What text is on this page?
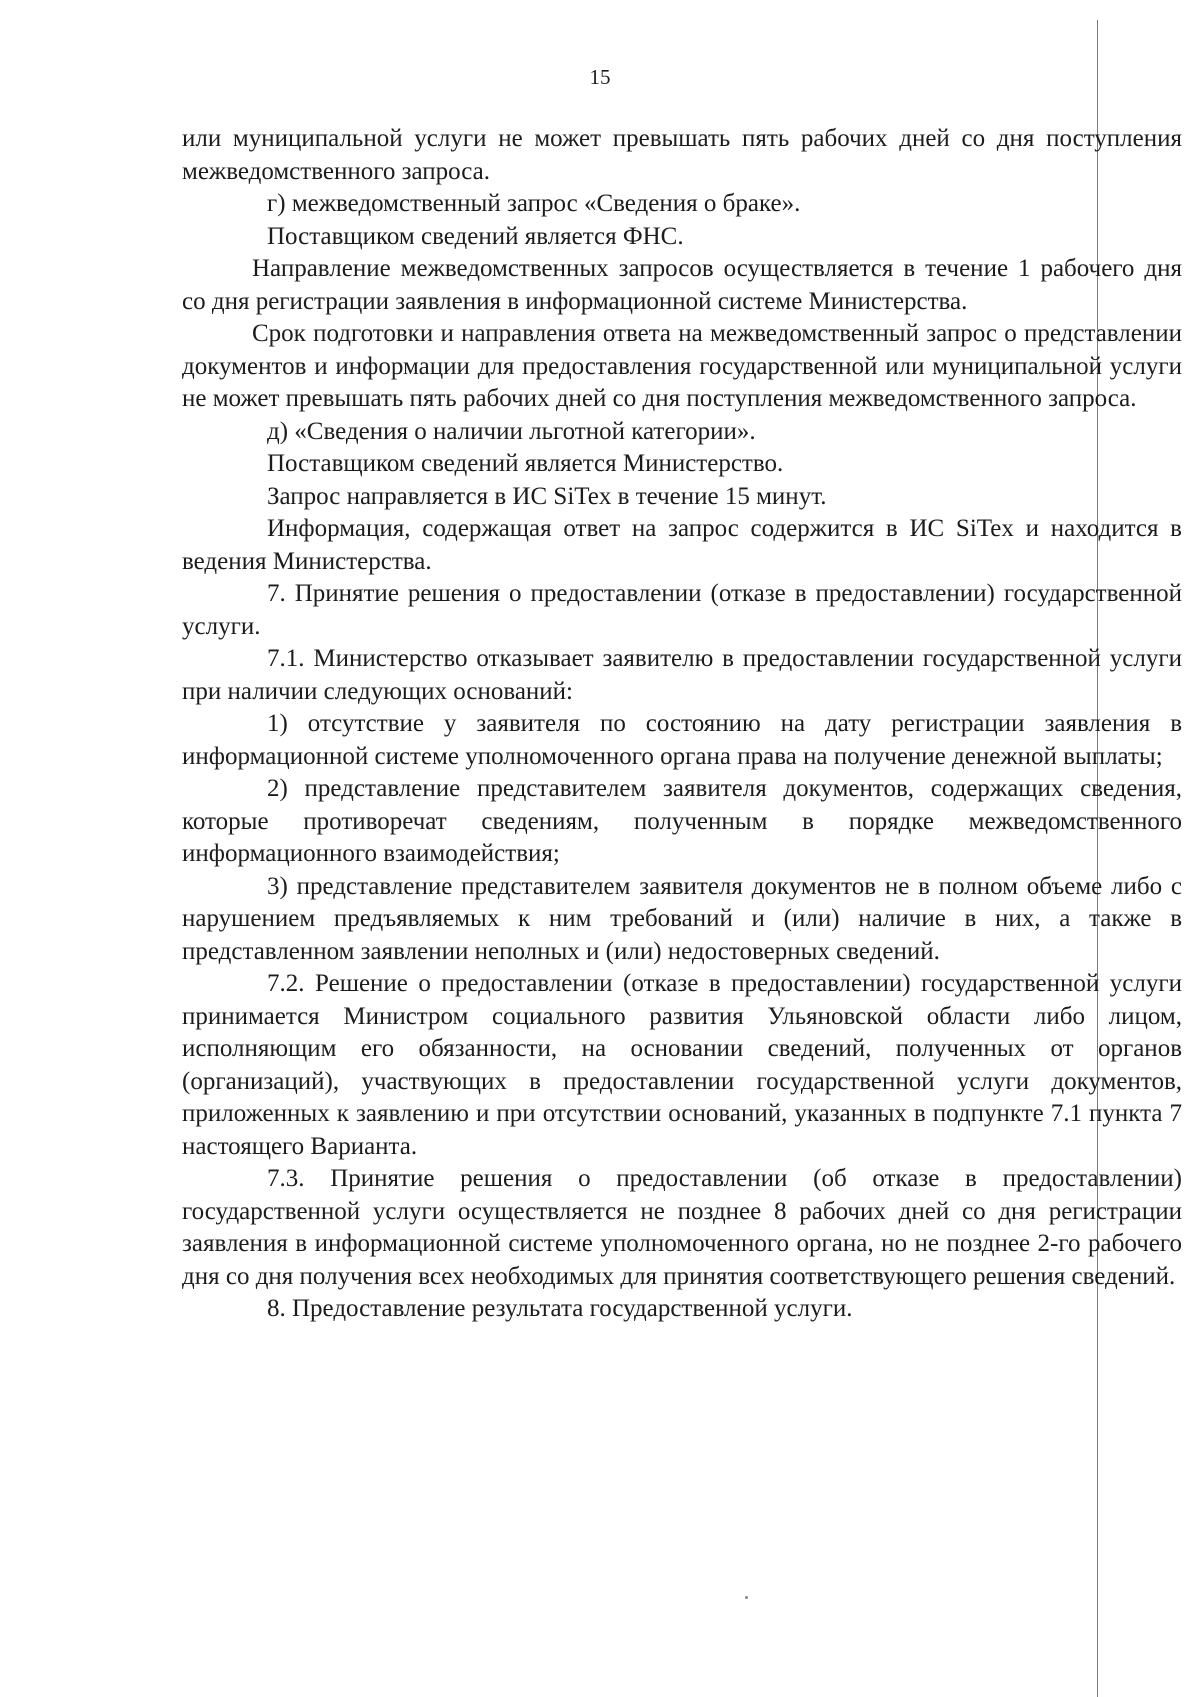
15

или муниципальной услуги не может превышать пять рабочих дней со дня поступления межведомственного запроса.

г) межведомственный запрос «Сведения о браке».

Поставщиком сведений является ФНС.

Направление межведомственных запросов осуществляется в течение 1 рабочего дня со дня регистрации заявления в информационной системе Министерства.

Срок подготовки и направления ответа на межведомственный запрос о представлении документов и информации для предоставления государственной или муниципальной услуги не может превышать пять рабочих дней со дня поступления межведомственного запроса.

д) «Сведения о наличии льготной категории».

Поставщиком сведений является Министерство.

Запрос направляется в ИС SiTex в течение 15 минут.

Информация, содержащая ответ на запрос содержится в ИС SiTex и находится в ведения Министерства.

7. Принятие решения о предоставлении (отказе в предоставлении) государственной услуги.

7.1. Министерство отказывает заявителю в предоставлении государственной услуги при наличии следующих оснований:

1) отсутствие у заявителя по состоянию на дату регистрации заявления в информационной системе уполномоченного органа права на получение денежной выплаты;

2) представление представителем заявителя документов, содержащих сведения, которые противоречат сведениям, полученным в порядке межведомственного информационного взаимодействия;

3) представление представителем заявителя документов не в полном объеме либо с нарушением предъявляемых к ним требований и (или) наличие в них, а также в представленном заявлении неполных и (или) недостоверных сведений.

7.2. Решение о предоставлении (отказе в предоставлении) государственной услуги принимается Министром социального развития Ульяновской области либо лицом, исполняющим его обязанности, на основании сведений, полученных от органов (организаций), участвующих в предоставлении государственной услуги документов, приложенных к заявлению и при отсутствии оснований, указанных в подпункте 7.1 пункта 7 настоящего Варианта.

7.3. Принятие решения о предоставлении (об отказе в предоставлении) государственной услуги осуществляется не позднее 8 рабочих дней со дня регистрации заявления в информационной системе уполномоченного органа, но не позднее 2-го рабочего дня со дня получения всех необходимых для принятия соответствующего решения сведений.

8. Предоставление результата государственной услуги.
